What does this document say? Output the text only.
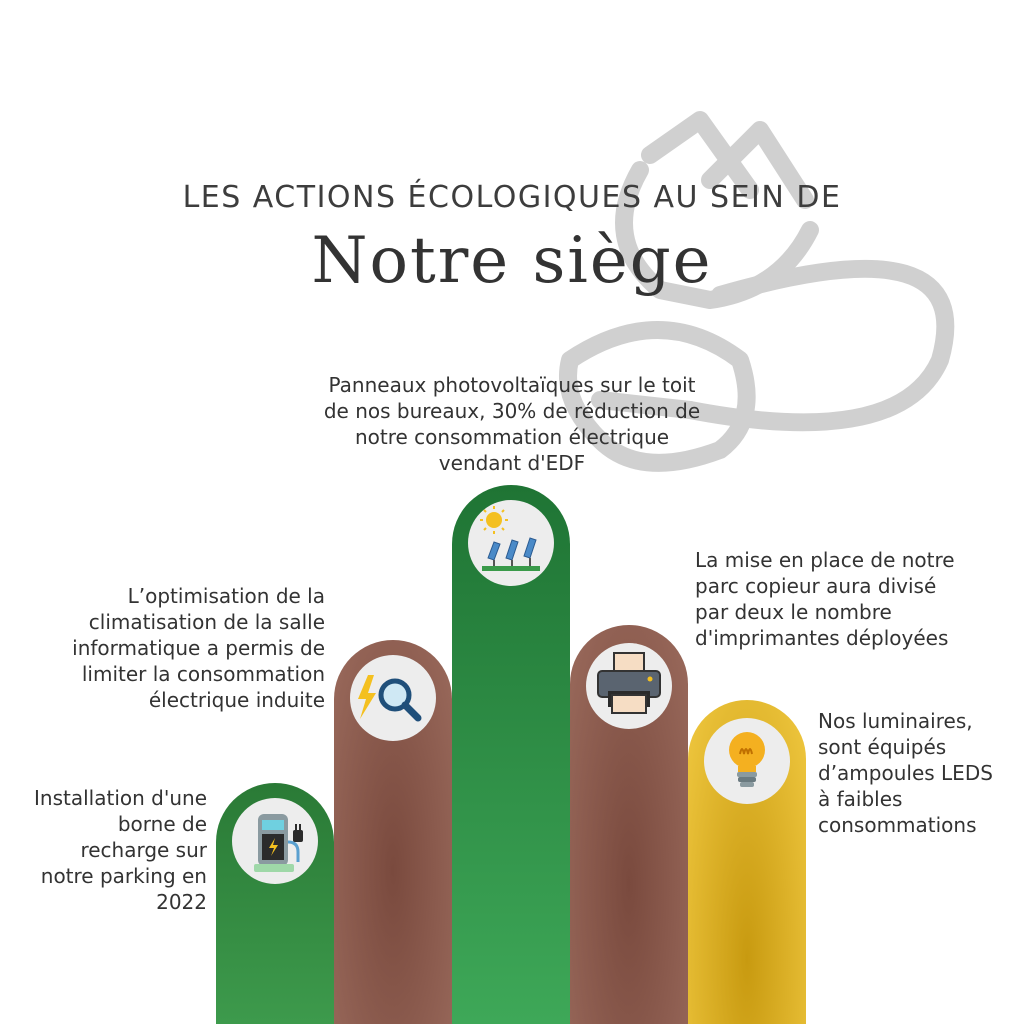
LES ACTIONS ÉCOLOGIQUES AU SEIN DE
Notre siège

Installation d'une
borne de
recharge sur
notre parking en
2022

L’optimisation de la
climatisation de la salle
informatique a permis de
limiter la consommation
électrique induite

Panneaux photovoltaïques sur le toit
de nos bureaux, 30% de réduction de
notre consommation électrique
vendant d'EDF

La mise en place de notre
parc copieur aura divisé
par deux le nombre
d'imprimantes déployées

Nos luminaires,
sont équipés
d’ampoules LEDS
à faibles
consommations
